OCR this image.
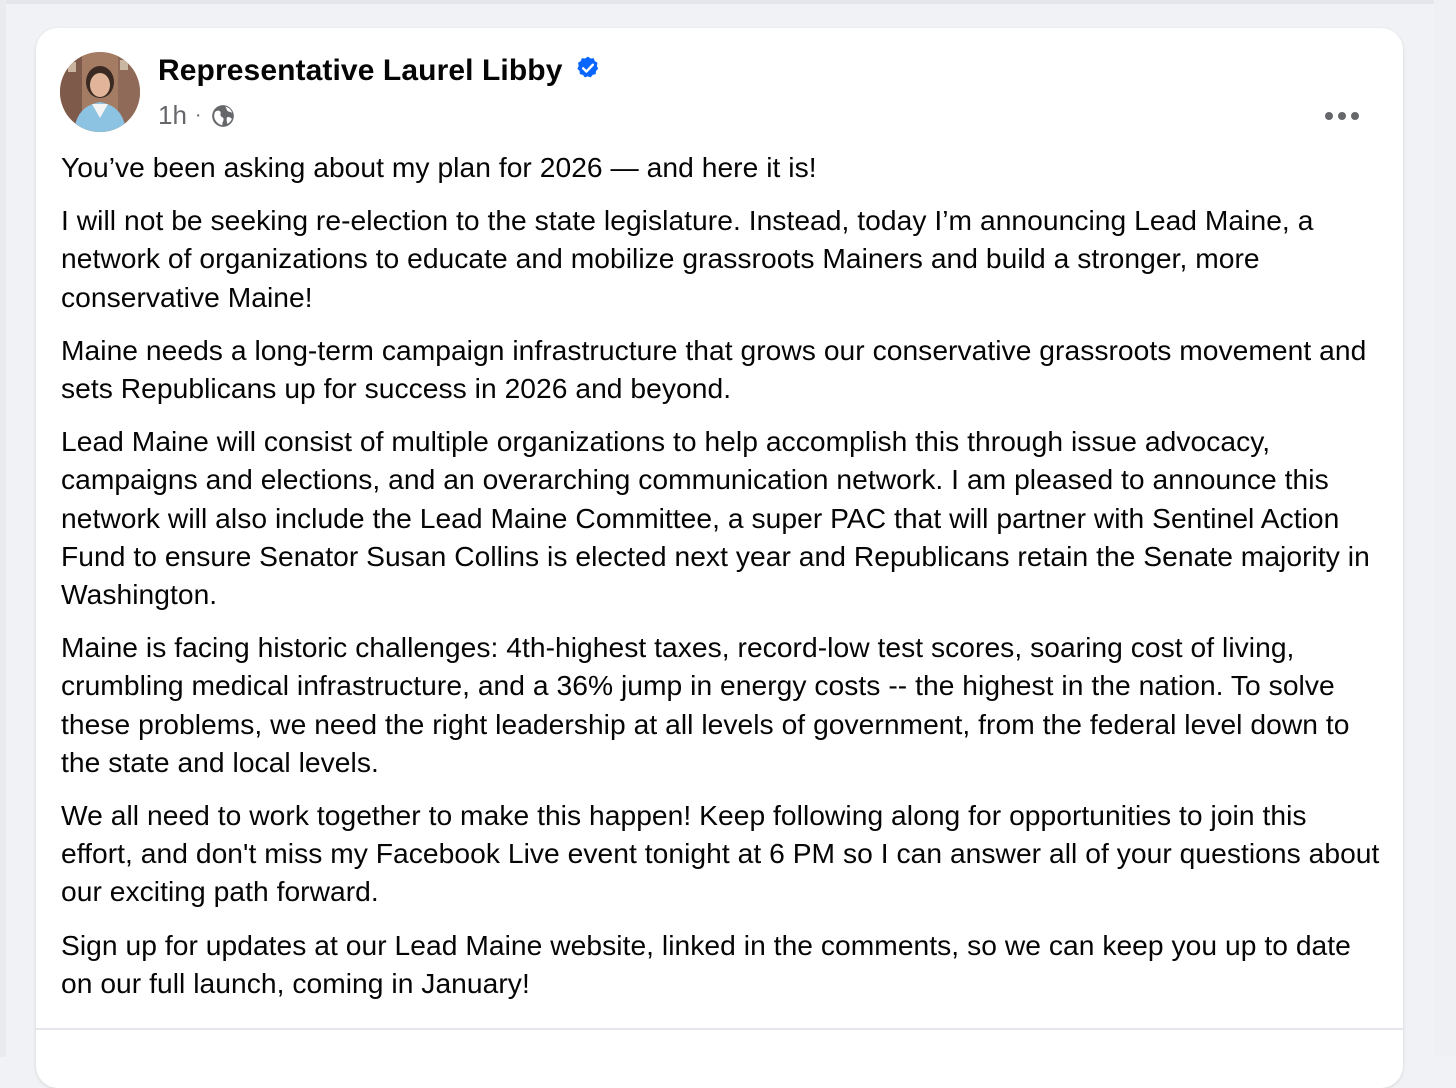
Representative Laurel Libby
1h ·

You’ve been asking about my plan for 2026 — and here it is!

I will not be seeking re-election to the state legislature. Instead, today I’m announcing Lead Maine, a network of organizations to educate and mobilize grassroots Mainers and build a stronger, more conservative Maine!

Maine needs a long-term campaign infrastructure that grows our conservative grassroots movement and sets Republicans up for success in 2026 and beyond.

Lead Maine will consist of multiple organizations to help accomplish this through issue advocacy, campaigns and elections, and an overarching communication network. I am pleased to announce this network will also include the Lead Maine Committee, a super PAC that will partner with Sentinel Action Fund to ensure Senator Susan Collins is elected next year and Republicans retain the Senate majority in Washington.

Maine is facing historic challenges: 4th-highest taxes, record-low test scores, soaring cost of living, crumbling medical infrastructure, and a 36% jump in energy costs -- the highest in the nation. To solve these problems, we need the right leadership at all levels of government, from the federal level down to the state and local levels.

We all need to work together to make this happen! Keep following along for opportunities to join this effort, and don't miss my Facebook Live event tonight at 6 PM so I can answer all of your questions about our exciting path forward.

Sign up for updates at our Lead Maine website, linked in the comments, so we can keep you up to date on our full launch, coming in January!
